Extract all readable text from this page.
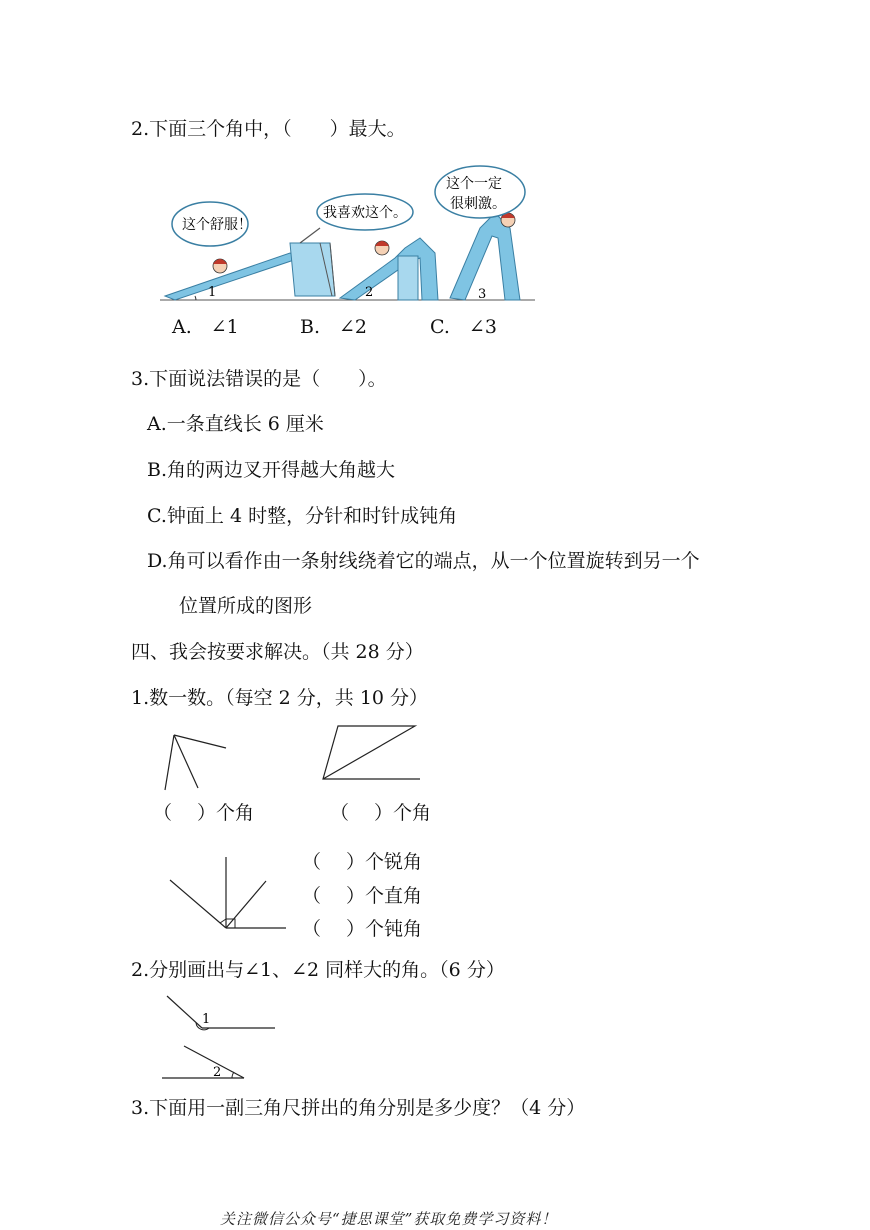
2.下面三个角中，（　　）最大。
1
这个舒服！
2
我喜欢这个。
3
这个一定
很刺激。
A.　∠1	B.　∠2	C.　∠3
3.下面说法错误的是（　　）。
A.一条直线长 6 厘米
B.角的两边叉开得越大角越大
C.钟面上 4 时整，分针和时针成钝角
D.角可以看作由一条射线绕着它的端点，从一个位置旋转到另一个
位置所成的图形
四、我会按要求解决。（共 28 分）
1.数一数。（每空 2 分，共 10 分）
（　 ）个角	（　 ）个角
（　 ）个锐角
（　 ）个直角
（　 ）个钝角
2.分别画出与∠1、∠2 同样大的角。（6 分）
1
2
3.下面用一副三角尺拼出的角分别是多少度？（4 分）
关注微信公众号“捷思课堂”获取免费学习资料！
